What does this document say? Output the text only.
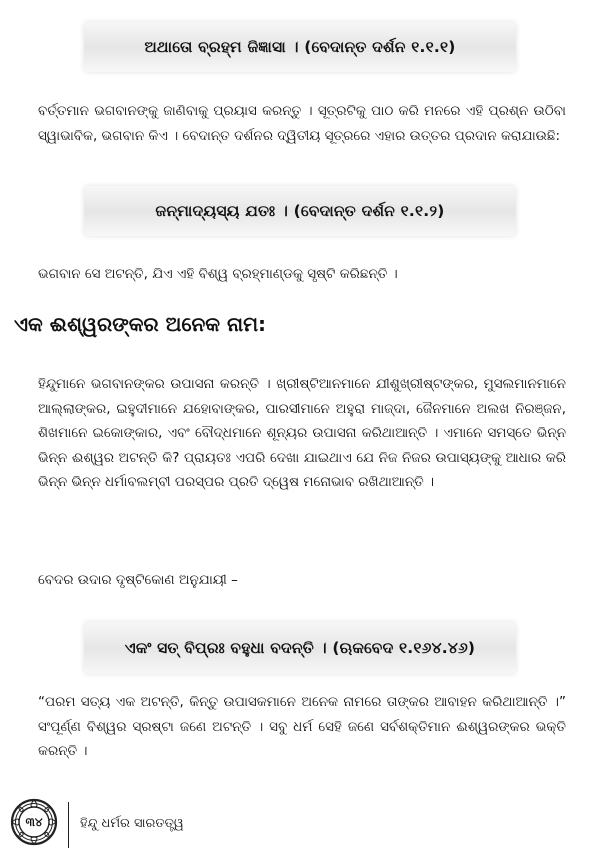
ଅଥାତୋ ବ୍ରହ୍ମ ଜିଜ୍ଞାସା । (ବେଦାନ୍ତ ଦର୍ଶନ ୧.୧.୧)

ବର୍ତ୍ତମାନ ଭଗବାନଙ୍କୁ ଜାଣିବାକୁ ପ୍ରୟାସ କରନ୍ତୁ । ସୂତ୍ରଟିକୁ ପାଠ କରି ମନରେ ଏହି ପ୍ରଶ୍ନ ଉଠିବା ସ୍ୱାଭାବିକ, ଭଗବାନ କିଏ । ବେଦାନ୍ତ ଦର୍ଶନର ଦ୍ୱିତୀୟ ସୂତ୍ରରେ ଏହାର ଉତ୍ତର ପ୍ରଦାନ କରାଯାଉଛି:

ଜନ୍ମାଦ୍ୟସ୍ୟ ଯତଃ । (ବେଦାନ୍ତ ଦର୍ଶନ ୧.୧.୨)

ଭଗବାନ ସେ ଅଟନ୍ତି, ଯିଏ ଏହି ବିଶ୍ୱ ବ୍ରହ୍ମାଣ୍ଡକୁ ସୃଷ୍ଟି କରିଛନ୍ତି ।

ଏକ ଈଶ୍ୱରଙ୍କର ଅନେକ ନାମ:

ହିନ୍ଦୁମାନେ ଭଗବାନଙ୍କର ଉପାସନା କରନ୍ତି । ଖ୍ରୀଷ୍ଟିଆନମାନେ ଯୀଶୁଖ୍ରୀଷ୍ଟଙ୍କର, ମୁସଲମାନମାନେ ଆଲ୍ଲାଙ୍କର, ଇହୁଦୀମାନେ ଯହୋବାଙ୍କର, ପାରସୀମାନେ ଅହୁରା ମାଜ୍‌ଦା, ଜୈନମାନେ ଅଲଖ ନିରଞ୍ଜନ, ଶିଖମାନେ ଇକୋଙ୍କାର, ଏବଂ ବୌଦ୍ଧମାନେ ଶୂନ୍ୟର ଉପାସନା କରିଥାଆନ୍ତି । ଏମାନେ ସମସ୍ତେ ଭିନ୍ନ ଭିନ୍ନ ଈଶ୍ୱର ଅଟନ୍ତି କି? ପ୍ରାୟତଃ ଏପରି ଦେଖା ଯାଇଥାଏ ଯେ ନିଜ ନିଜର ଉପାସ୍ୟଙ୍କୁ ଆଧାର କରି ଭିନ୍ନ ଭିନ୍ନ ଧର୍ମାବଲମ୍ବୀ ପରସ୍ପର ପ୍ରତି ଦ୍ୱେଷ ମନୋଭାବ ରଖିଥାଆନ୍ତି ।

ବେଦର ଉଦାର ଦୃଷ୍ଟିକୋଣ ଅନୁଯାୟୀ –

ଏକଂ ସତ୍ ବିପ୍ରଃ ବହୁଧା ବଦନ୍ତି । (ଋକବେଦ ୧.୧୬୪.୪୬)

“ପରମ ସତ୍ୟ ଏକ ଅଟନ୍ତି, କିନ୍ତୁ ଉପାସକମାନେ ଅନେକ ନାମରେ ତାଙ୍କର ଆବାହନ କରିଥାଆନ୍ତି ।” ସଂପୂର୍ଣ୍ଣ ବିଶ୍ୱର ସ୍ରଷ୍ଟା ଜଣେ ଅଟନ୍ତି । ସବୁ ଧର୍ମ ସେହି ଜଣେ ସର୍ବଶକ୍ତିମାନ ଈଶ୍ୱରଙ୍କର ଭକ୍ତି କରନ୍ତି ।

୩୪	ହିନ୍ଦୁ ଧର୍ମର ସାରତତ୍ତ୍ୱ
